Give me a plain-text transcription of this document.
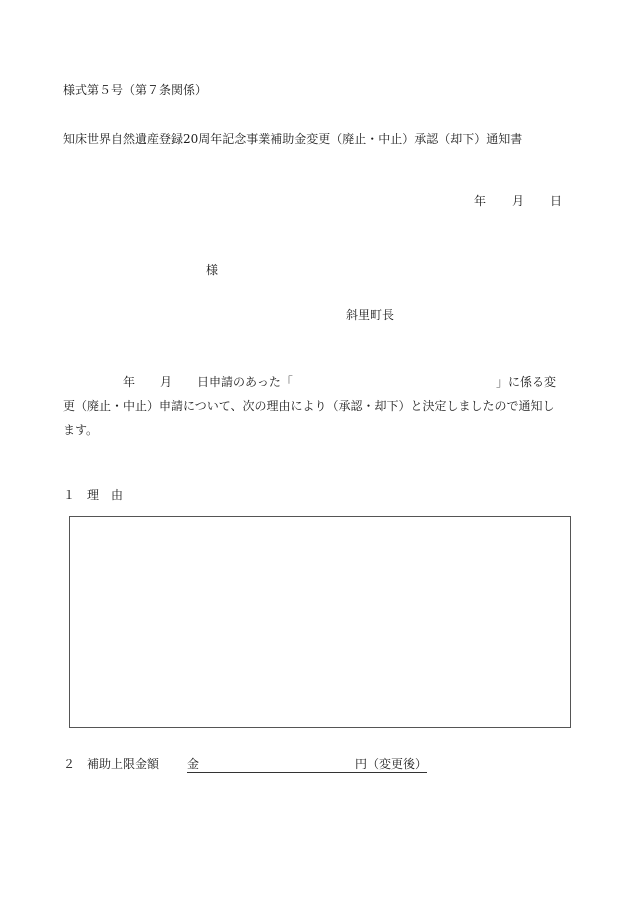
様式第５号（第７条関係）
知床世界自然遺産登録20周年記念事業補助金変更（廃止・中止）承認（却下）通知書
年 月 日
様
斜里町長
年 月 日申請のあった「	」に係る変
更（廃止・中止）申請について、次の理由により（承認・却下）と決定しましたので通知し
ます。
１ 理　由
２ 補助上限金額 金	円（変更後）
